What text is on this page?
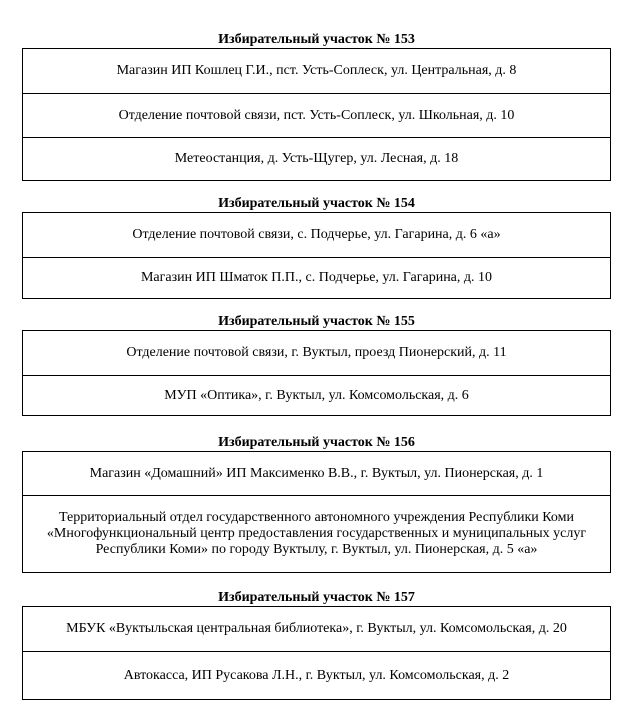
Избирательный участок № 153
Магазин ИП Кошлец Г.И., пст. Усть-Соплеск, ул. Центральная, д. 8
Отделение почтовой связи, пст. Усть-Соплеск, ул. Школьная, д. 10
Метеостанция, д. Усть-Щугер, ул. Лесная, д. 18
Избирательный участок № 154
Отделение почтовой связи, с. Подчерье, ул. Гагарина, д. 6 «а»
Магазин ИП Шматок П.П., с. Подчерье, ул. Гагарина, д. 10
Избирательный участок № 155
Отделение почтовой связи, г. Вуктыл, проезд Пионерский, д. 11
МУП «Оптика», г. Вуктыл, ул. Комсомольская, д. 6
Избирательный участок № 156
Магазин «Домашний» ИП Максименко В.В., г. Вуктыл, ул. Пионерская, д. 1
Территориальный отдел государственного автономного учреждения Республики Коми «Многофункциональный центр предоставления государственных и муниципальных услуг Республики Коми» по городу Вуктылу, г. Вуктыл, ул. Пионерская, д. 5 «а»
Избирательный участок № 157
МБУК «Вуктыльская центральная библиотека», г. Вуктыл, ул. Комсомольская, д. 20
Автокасса, ИП Русакова Л.Н., г. Вуктыл, ул. Комсомольская, д. 2
